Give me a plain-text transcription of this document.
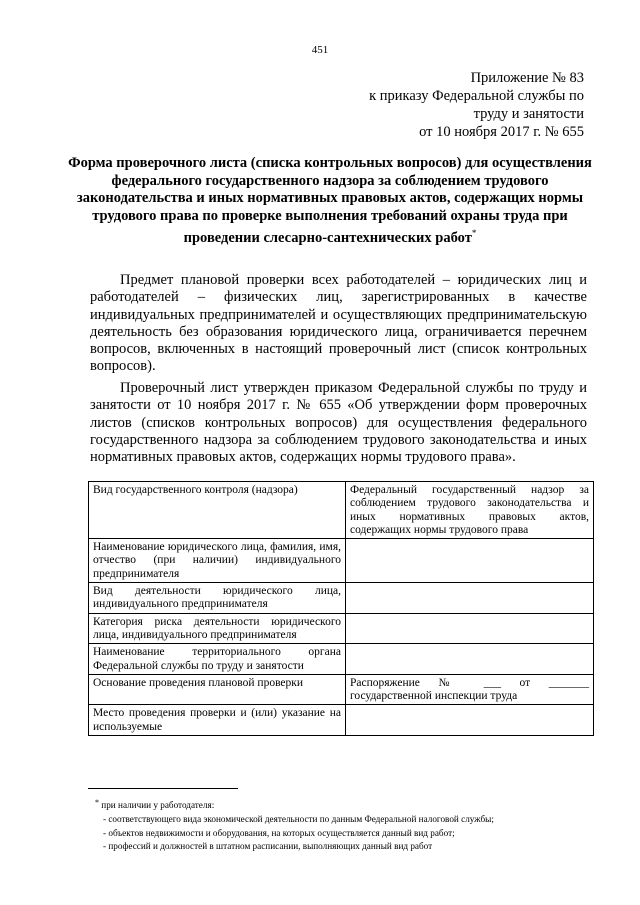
451
Приложение № 83
к приказу Федеральной службы по
труду и занятости
от 10 ноября 2017 г. № 655
Форма проверочного листа (списка контрольных вопросов) для осуществления федерального государственного надзора за соблюдением трудового законодательства и иных нормативных правовых актов, содержащих нормы трудового права по проверке выполнения требований охраны труда при проведении слесарно-сантехнических работ*
Предмет плановой проверки всех работодателей – юридических лиц и работодателей – физических лиц, зарегистрированных в качестве индивидуальных предпринимателей и осуществляющих предпринимательскую деятельность без образования юридического лица, ограничивается перечнем вопросов, включенных в настоящий проверочный лист (список контрольных вопросов).
Проверочный лист утвержден приказом Федеральной службы по труду и занятости от 10 ноября 2017 г. № 655 «Об утверждении форм проверочных листов (списков контрольных вопросов) для осуществления федерального государственного надзора за соблюдением трудового законодательства и иных нормативных правовых актов, содержащих нормы трудового права».
Вид государственного контроля (надзора)	Федеральный государственный надзор за соблюдением трудового законодательства и иных нормативных правовых актов, содержащих нормы трудового права
Наименование юридического лица, фамилия, имя, отчество (при наличии) индивидуального предпринимателя	
Вид деятельности юридического лица, индивидуального предпринимателя	
Категория риска деятельности юридического лица, индивидуального предпринимателя	
Наименование территориального органа Федеральной службы по труду и занятости	
Основание проведения плановой проверки	Распоряжение № ___ от _______ государственной инспекции труда
Место проведения проверки и (или) указание на используемые	
* при наличии у работодателя:
- соответствующего вида экономической деятельности по данным Федеральной налоговой службы;
- объектов недвижимости и оборудования, на которых осуществляется данный вид работ;
- профессий и должностей в штатном расписании, выполняющих данный вид работ
